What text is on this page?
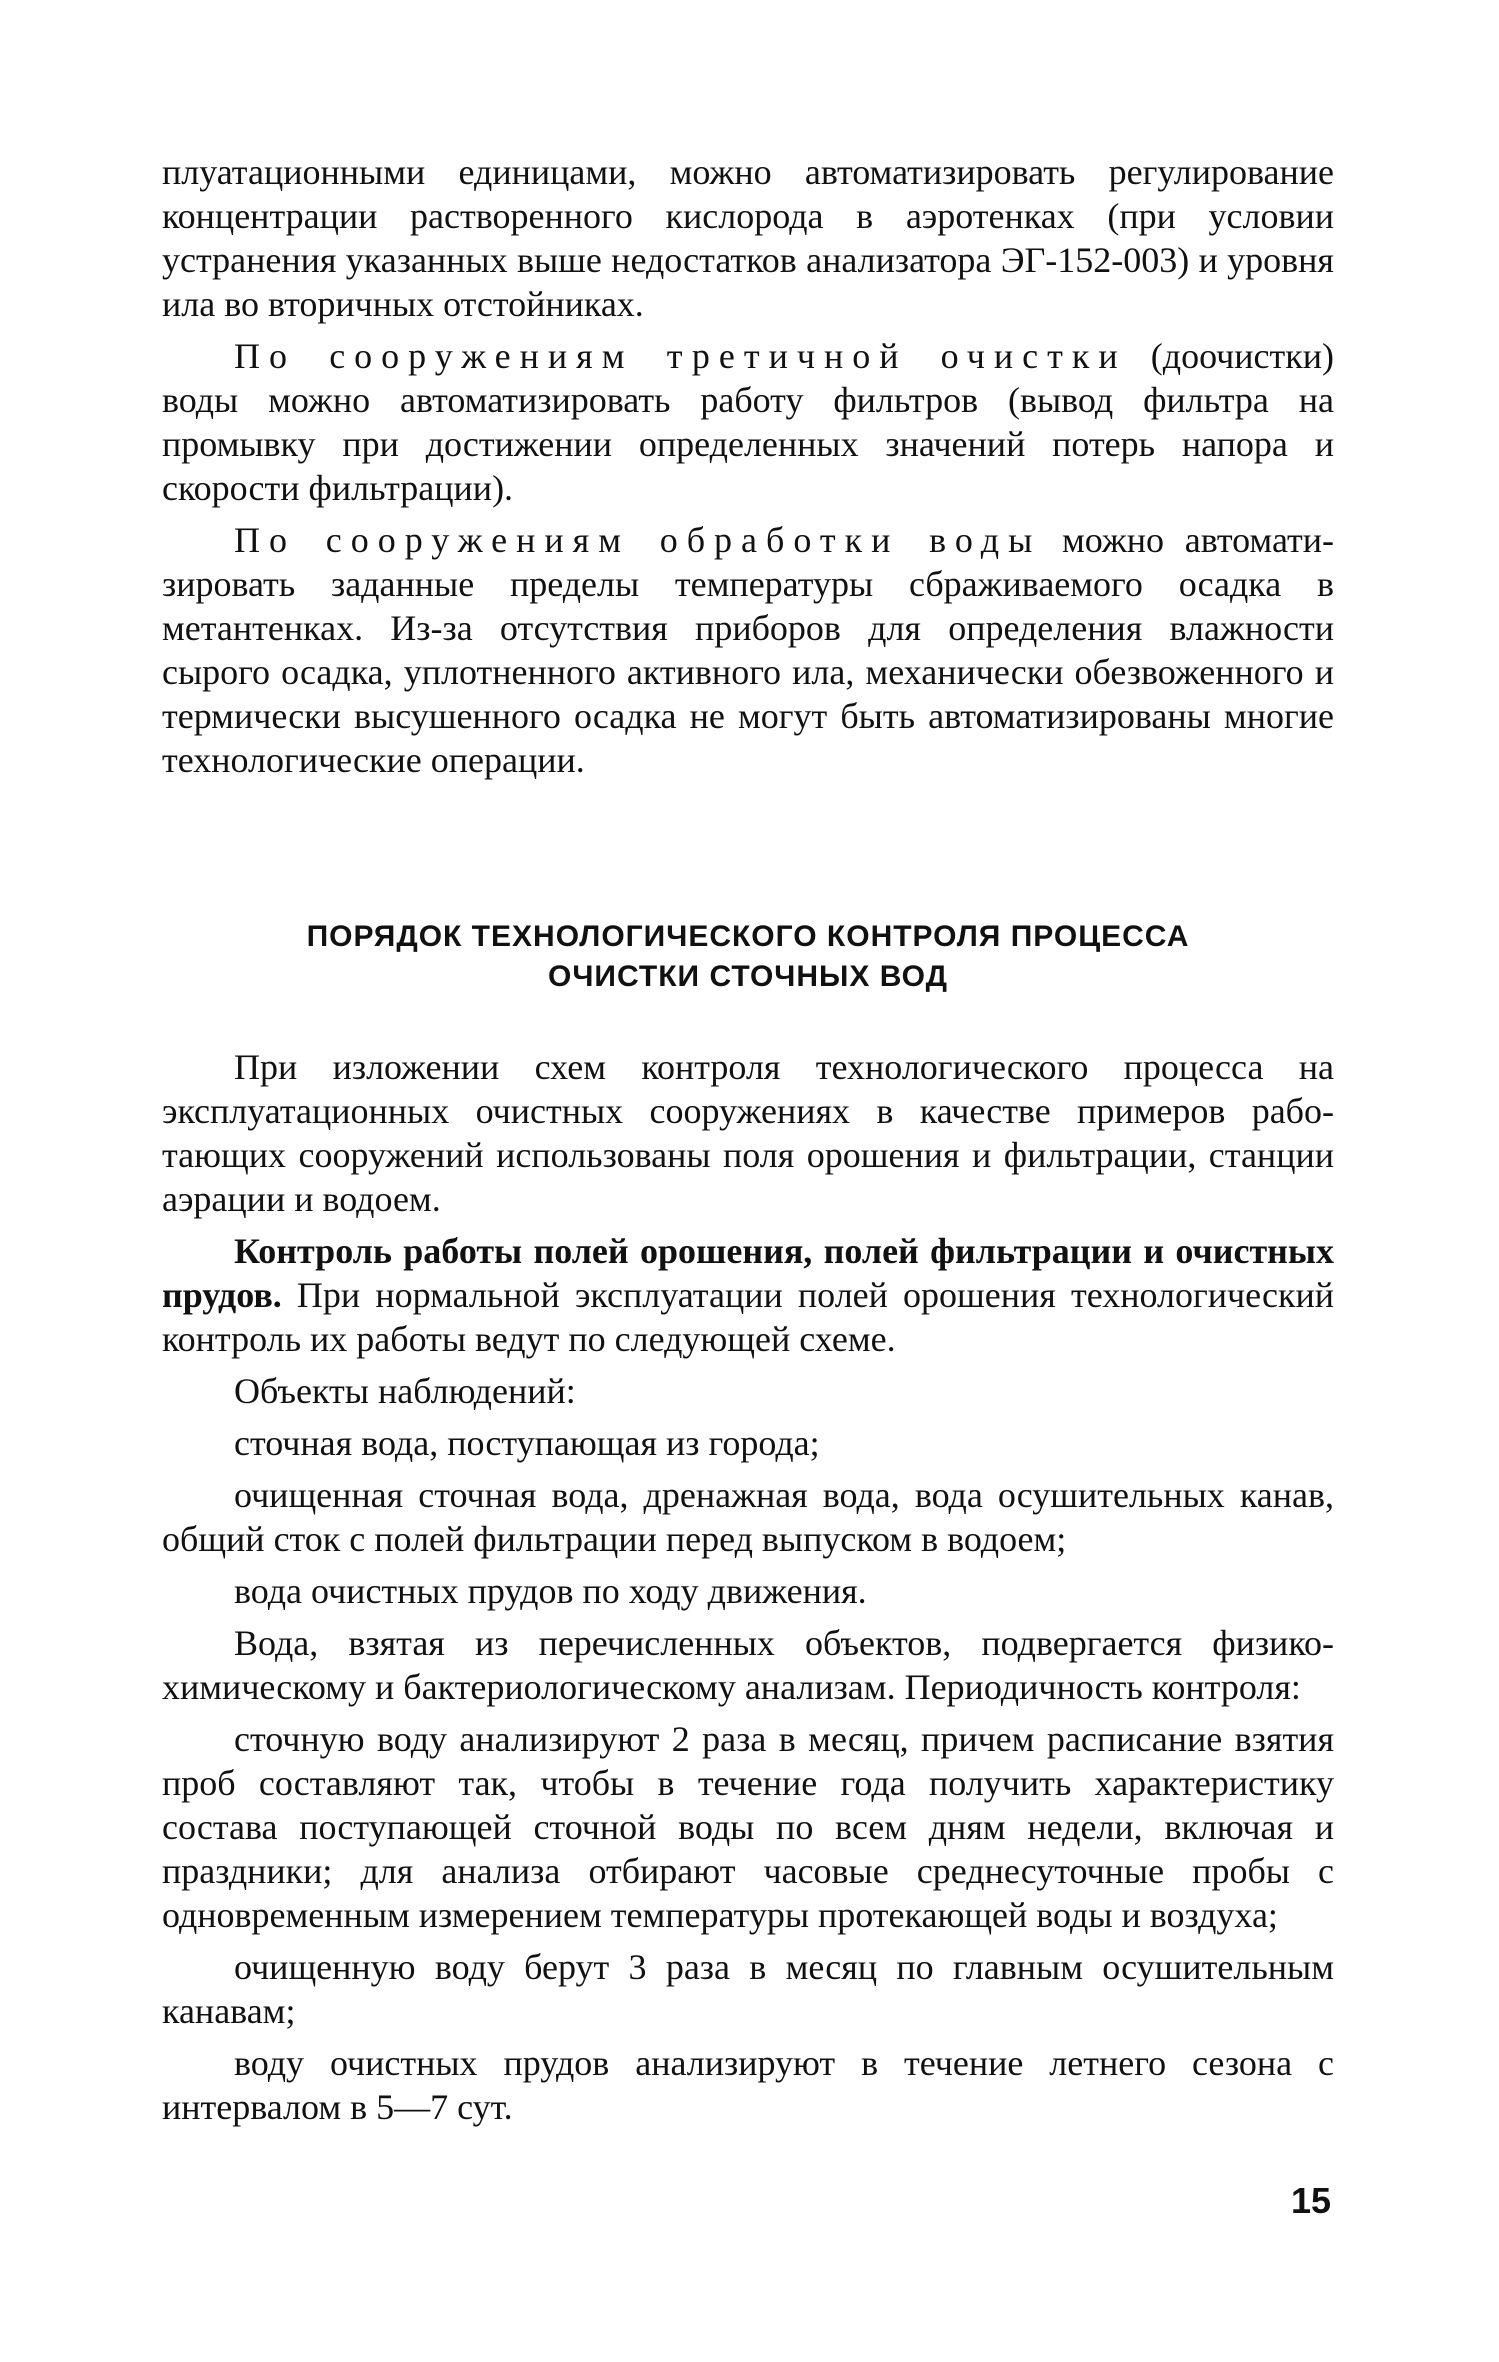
плуатационными единицами, можно автоматизировать регулирование концентрации растворенного кислорода в аэротенках (при условии устранения указанных выше недостатков анализатора ЭГ-152-003) и уровня ила во вторичных отстойниках.

По сооружениям третичной очистки (доочистки) воды можно автоматизировать работу фильтров (вывод фильтра на промывку при достижении определенных значений потерь напора и скорости фильтрации).

По сооружениям обработки воды можно автоматизировать заданные пределы температуры сбраживаемого осадка в метантенках. Из-за отсутствия приборов для определения влажности сырого осадка, уплотненного активного ила, механически обезвоженного и термически высушенного осадка не могут быть автоматизированы многие технологические операции.

ПОРЯДОК ТЕХНОЛОГИЧЕСКОГО КОНТРОЛЯ ПРОЦЕССА
ОЧИСТКИ СТОЧНЫХ ВОД

При изложении схем контроля технологического процесса на эксплуатационных очистных сооружениях в качестве примеров работающих сооружений использованы поля орошения и фильтрации, станции аэрации и водоем.

Контроль работы полей орошения, полей фильтрации и очистных прудов. При нормальной эксплуатации полей орошения технологический контроль их работы ведут по следующей схеме.

Объекты наблюдений:

сточная вода, поступающая из города;

очищенная сточная вода, дренажная вода, вода осушительных канав, общий сток с полей фильтрации перед выпуском в водоем;

вода очистных прудов по ходу движения.

Вода, взятая из перечисленных объектов, подвергается физикохимическому и бактериологическому анализам. Периодичность контроля:

сточную воду анализируют 2 раза в месяц, причем расписание взятия проб составляют так, чтобы в течение года получить характеристику состава поступающей сточной воды по всем дням недели, включая и праздники; для анализа отбирают часовые среднесуточные пробы с одновременным измерением температуры протекающей воды и воздуха;

очищенную воду берут 3 раза в месяц по главным осушительным канавам;

воду очистных прудов анализируют в течение летнего сезона с интервалом в 5—7 сут.

15
